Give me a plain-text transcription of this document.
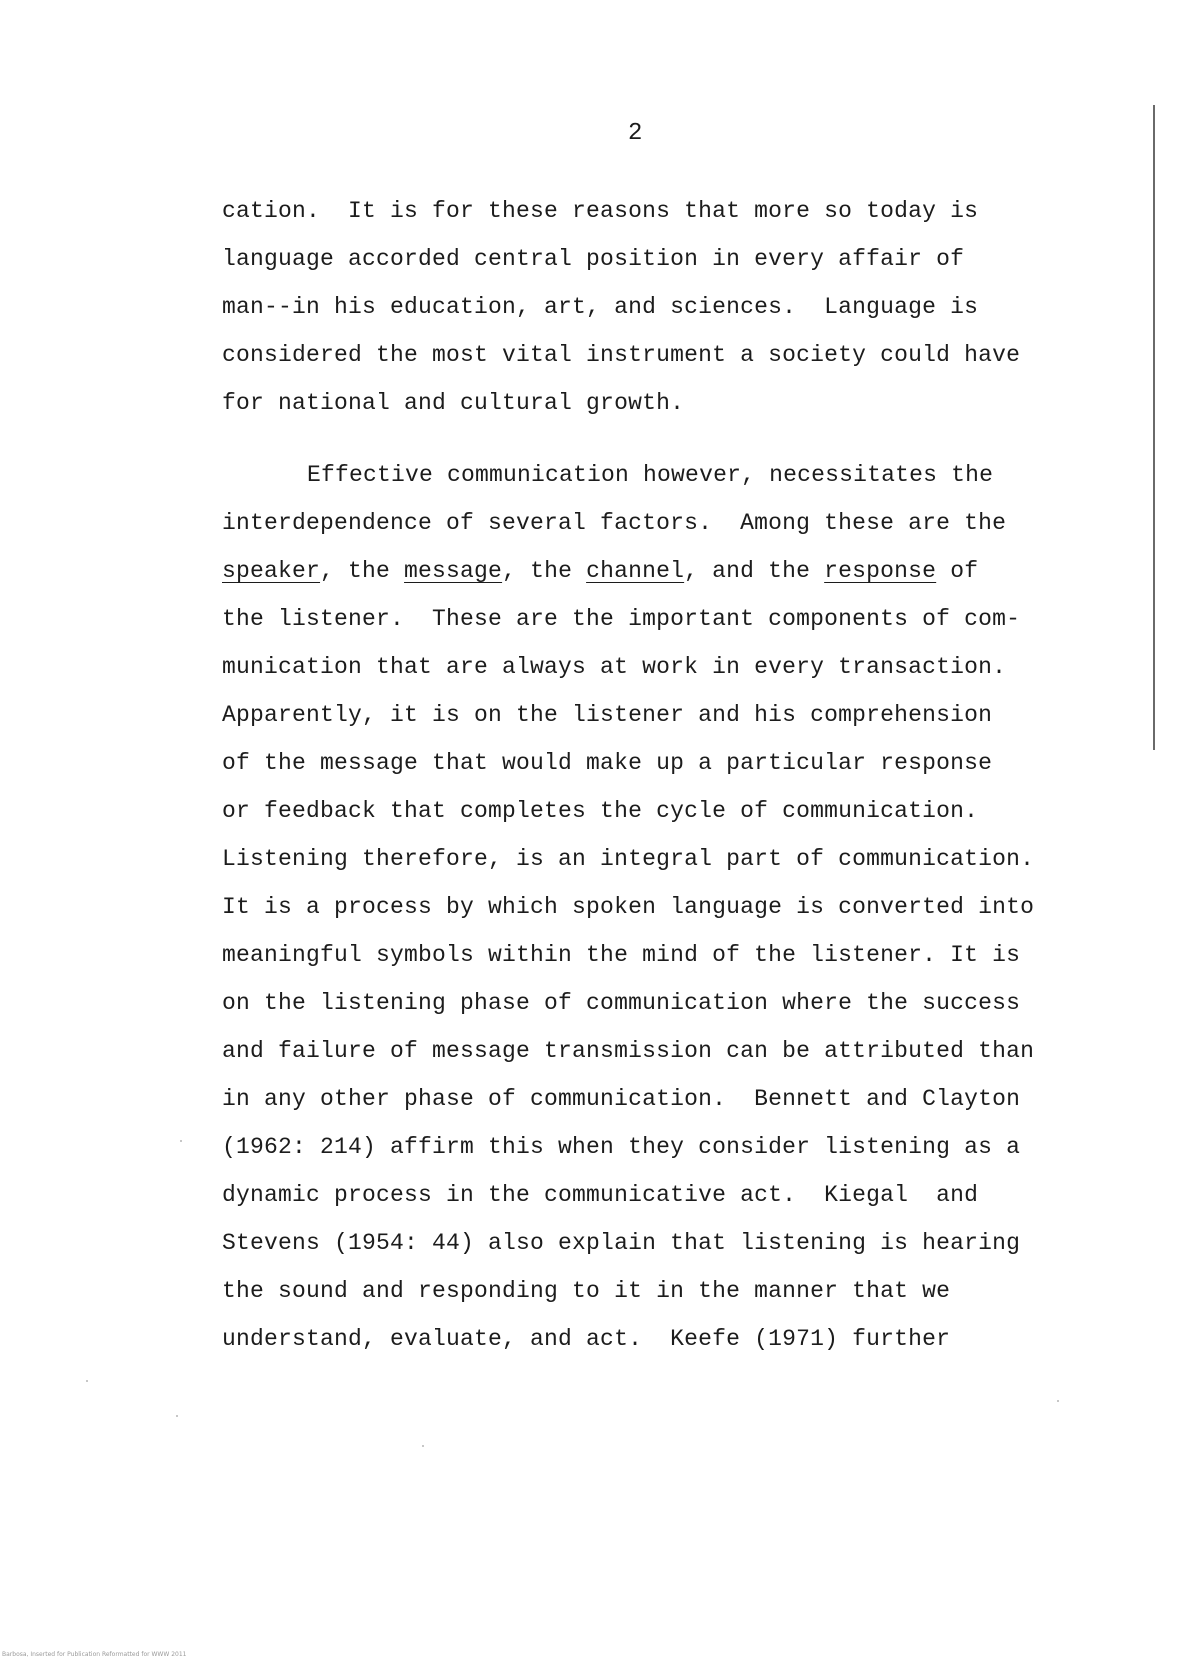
2
cation.  It is for these reasons that more so today is
language accorded central position in every affair of
man--in his education, art, and sciences.  Language is
considered the most vital instrument a society could have
for national and cultural growth.
Effective communication however, necessitates the
interdependence of several factors.  Among these are the
speaker, the message, the channel, and the response of
the listener.  These are the important components of com-
munication that are always at work in every transaction.
Apparently, it is on the listener and his comprehension
of the message that would make up a particular response
or feedback that completes the cycle of communication.
Listening therefore, is an integral part of communication.
It is a process by which spoken language is converted into
meaningful symbols within the mind of the listener. It is
on the listening phase of communication where the success
and failure of message transmission can be attributed than
in any other phase of communication.  Bennett and Clayton
(1962: 214) affirm this when they consider listening as a
dynamic process in the communicative act.  Kiegal  and
Stevens (1954: 44) also explain that listening is hearing
the sound and responding to it in the manner that we
understand, evaluate, and act.  Keefe (1971) further
Barbosa, Inserted for Publication Reformatted for WWW 2011
